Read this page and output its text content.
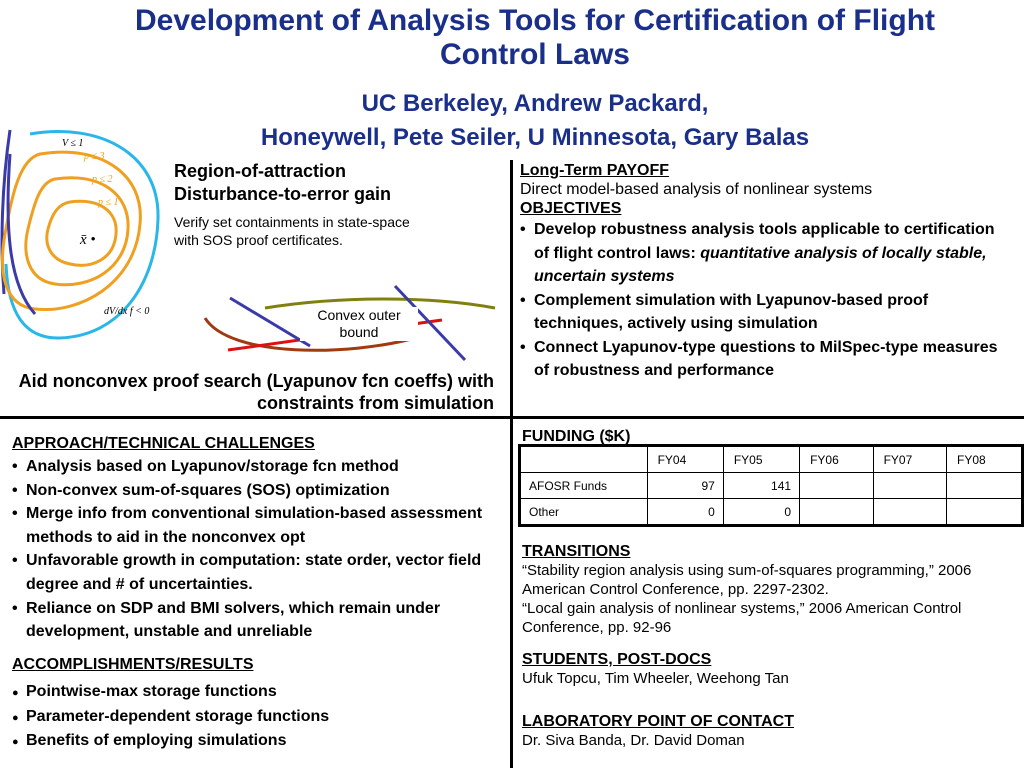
Development of Analysis Tools for Certification of Flight Control Laws
UC Berkeley, Andrew Packard,
Honeywell, Pete Seiler, U Minnesota, Gary Balas
V ≤ 1
p ≤ 3
p ≤ 2
p ≤ 1
x̄ •
dV/dx f < 0
Region-of-attraction
Disturbance-to-error gain
Verify set containments in state-space with SOS proof certificates.
Convex outer bound
Aid nonconvex proof search (Lyapunov fcn coeffs) with constraints from simulation
Long-Term PAYOFF
Direct model-based analysis of nonlinear systems
OBJECTIVES
• Develop robustness analysis tools applicable to certification of flight control laws: quantitative analysis of locally stable, uncertain systems
• Complement simulation with Lyapunov-based proof techniques, actively using simulation
• Connect Lyapunov-type questions to MilSpec-type measures of robustness and performance
APPROACH/TECHNICAL CHALLENGES
• Analysis based on Lyapunov/storage fcn method
• Non-convex sum-of-squares (SOS) optimization
• Merge info from conventional simulation-based assessment methods to aid in the nonconvex opt
• Unfavorable growth in computation: state order, vector field degree and # of uncertainties.
• Reliance on SDP and BMI solvers, which remain under development, unstable and unreliable
ACCOMPLISHMENTS/RESULTS
● Pointwise-max storage functions
● Parameter-dependent storage functions
● Benefits of employing simulations
FUNDING ($K)
	FY04	FY05	FY06	FY07	FY08
AFOSR Funds	97	141			
Other	0	0			
TRANSITIONS
“Stability region analysis using sum-of-squares programming,” 2006 American Control Conference, pp. 2297-2302.
“Local gain analysis of nonlinear systems,” 2006 American Control Conference, pp. 92-96
STUDENTS, POST-DOCS
Ufuk Topcu, Tim Wheeler, Weehong Tan
LABORATORY POINT OF CONTACT
Dr. Siva Banda, Dr. David Doman
